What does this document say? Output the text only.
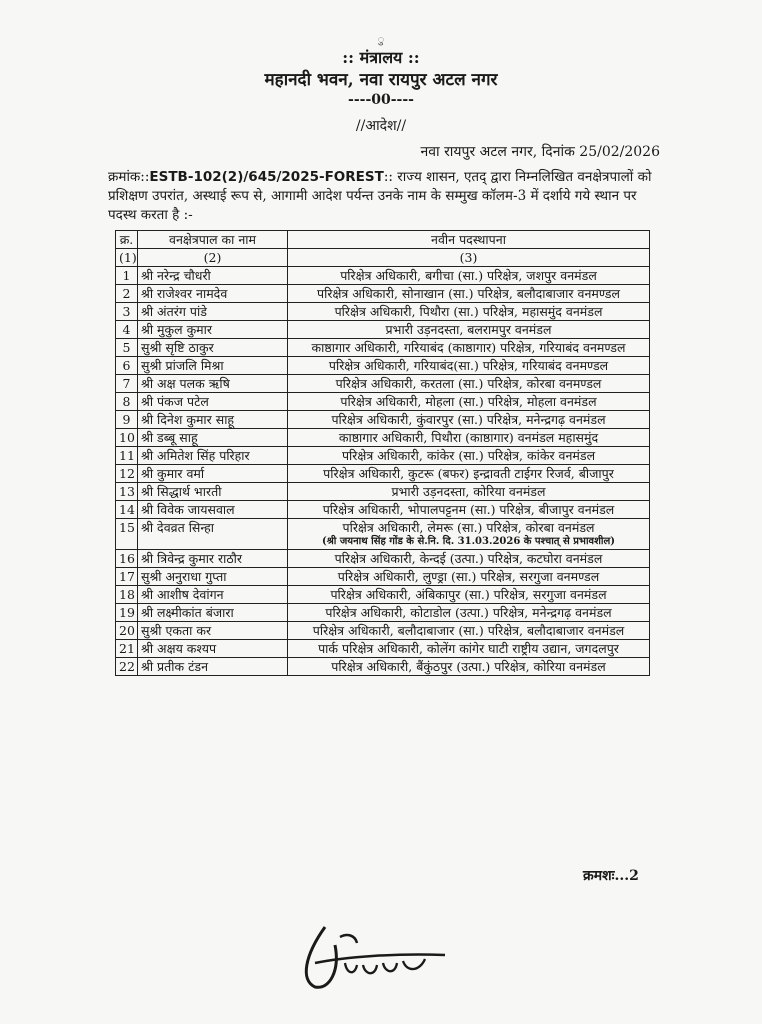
ु
:: मंत्रालय ::
महानदी भवन, नवा रायपुर अटल नगर
----00----
//आदेश//
नवा रायपुर अटल नगर, दिनांक 25/02/2026
क्रमांक::ESTB-102(2)/645/2025-FOREST:: राज्य शासन, एतद् द्वारा निम्नलिखित वनक्षेत्रपालों को प्रशिक्षण उपरांत, अस्थाई रूप से, आगामी आदेश पर्यन्त उनके नाम के सम्मुख कॉलम-3 में दर्शाये गये स्थान पर पदस्थ करता है :-
क्र.	वनक्षेत्रपाल का नाम	नवीन पदस्थापना
(1)	(2)	(3)
1	श्री नरेन्द्र चौधरी	परिक्षेत्र अधिकारी, बगीचा (सा.) परिक्षेत्र, जशपुर वनमंडल

2	श्री राजेश्वर नामदेव	परिक्षेत्र अधिकारी, सोनाखान (सा.) परिक्षेत्र, बलौदाबाजार वनमण्डल

3	श्री अंतरंग पांडे	परिक्षेत्र अधिकारी, पिथौरा (सा.) परिक्षेत्र, महासमुंद वनमंडल

4	श्री मुकुल कुमार	प्रभारी उड़नदस्ता, बलरामपुर वनमंडल

5	सुश्री सृष्टि ठाकुर	काष्ठागार अधिकारी, गरियाबंद (काष्ठागार) परिक्षेत्र, गरियाबंद वनमण्डल

6	सुश्री प्रांजलि मिश्रा	परिक्षेत्र अधिकारी, गरियाबंद(सा.) परिक्षेत्र, गरियाबंद वनमण्डल

7	श्री अक्ष पलक ऋषि	परिक्षेत्र अधिकारी, करतला (सा.) परिक्षेत्र, कोरबा वनमण्डल

8	श्री पंकज पटेल	परिक्षेत्र अधिकारी, मोहला (सा.) परिक्षेत्र, मोहला वनमंडल

9	श्री दिनेश कुमार साहू	परिक्षेत्र अधिकारी, कुंवारपुर (सा.) परिक्षेत्र, मनेन्द्रगढ़ वनमंडल

10	श्री डब्बू साहू	काष्ठागार अधिकारी, पिथौरा (काष्ठागार) वनमंडल महासमुंद

11	श्री अमितेश सिंह परिहार	परिक्षेत्र अधिकारी, कांकेर (सा.) परिक्षेत्र, कांकेर वनमंडल

12	श्री कुमार वर्मा	परिक्षेत्र अधिकारी, कुटरू (बफर) इन्द्रावती टाईगर रिजर्व, बीजापुर

13	श्री सिद्धार्थ भारती	प्रभारी उड़नदस्ता, कोरिया वनमंडल

14	श्री विवेक जायसवाल	परिक्षेत्र अधिकारी, भोपालपट्टनम (सा.) परिक्षेत्र, बीजापुर वनमंडल

15	श्री देवव्रत सिन्हा	परिक्षेत्र अधिकारी, लेमरू (सा.) परिक्षेत्र, कोरबा वनमंडल
(श्री जयनाथ सिंह गोंड के से.नि. दि. 31.03.2026 के पश्चात् से प्रभावशील)

16	श्री त्रिवेन्द्र कुमार राठौर	परिक्षेत्र अधिकारी, केन्दई (उत्पा.) परिक्षेत्र, कटघोरा वनमंडल

17	सुश्री अनुराधा गुप्ता	परिक्षेत्र अधिकारी, लुण्ड्रा (सा.) परिक्षेत्र, सरगुजा वनमण्डल

18	श्री आशीष देवांगन	परिक्षेत्र अधिकारी, अंबिकापुर (सा.) परिक्षेत्र, सरगुजा वनमंडल

19	श्री लक्ष्मीकांत बंजारा	परिक्षेत्र अधिकारी, कोटाडोल (उत्पा.) परिक्षेत्र, मनेन्द्रगढ़ वनमंडल

20	सुश्री एकता कर	परिक्षेत्र अधिकारी, बलौदाबाजार (सा.) परिक्षेत्र, बलौदाबाजार वनमंडल

21	श्री अक्षय कश्यप	पार्क परिक्षेत्र अधिकारी, कोलेंग कांगेर घाटी राष्ट्रीय उद्यान, जगदलपुर

22	श्री प्रतीक टंडन	परिक्षेत्र अधिकारी, बैंकुंठपुर (उत्पा.) परिक्षेत्र, कोरिया वनमंडल
क्रमशः...2
